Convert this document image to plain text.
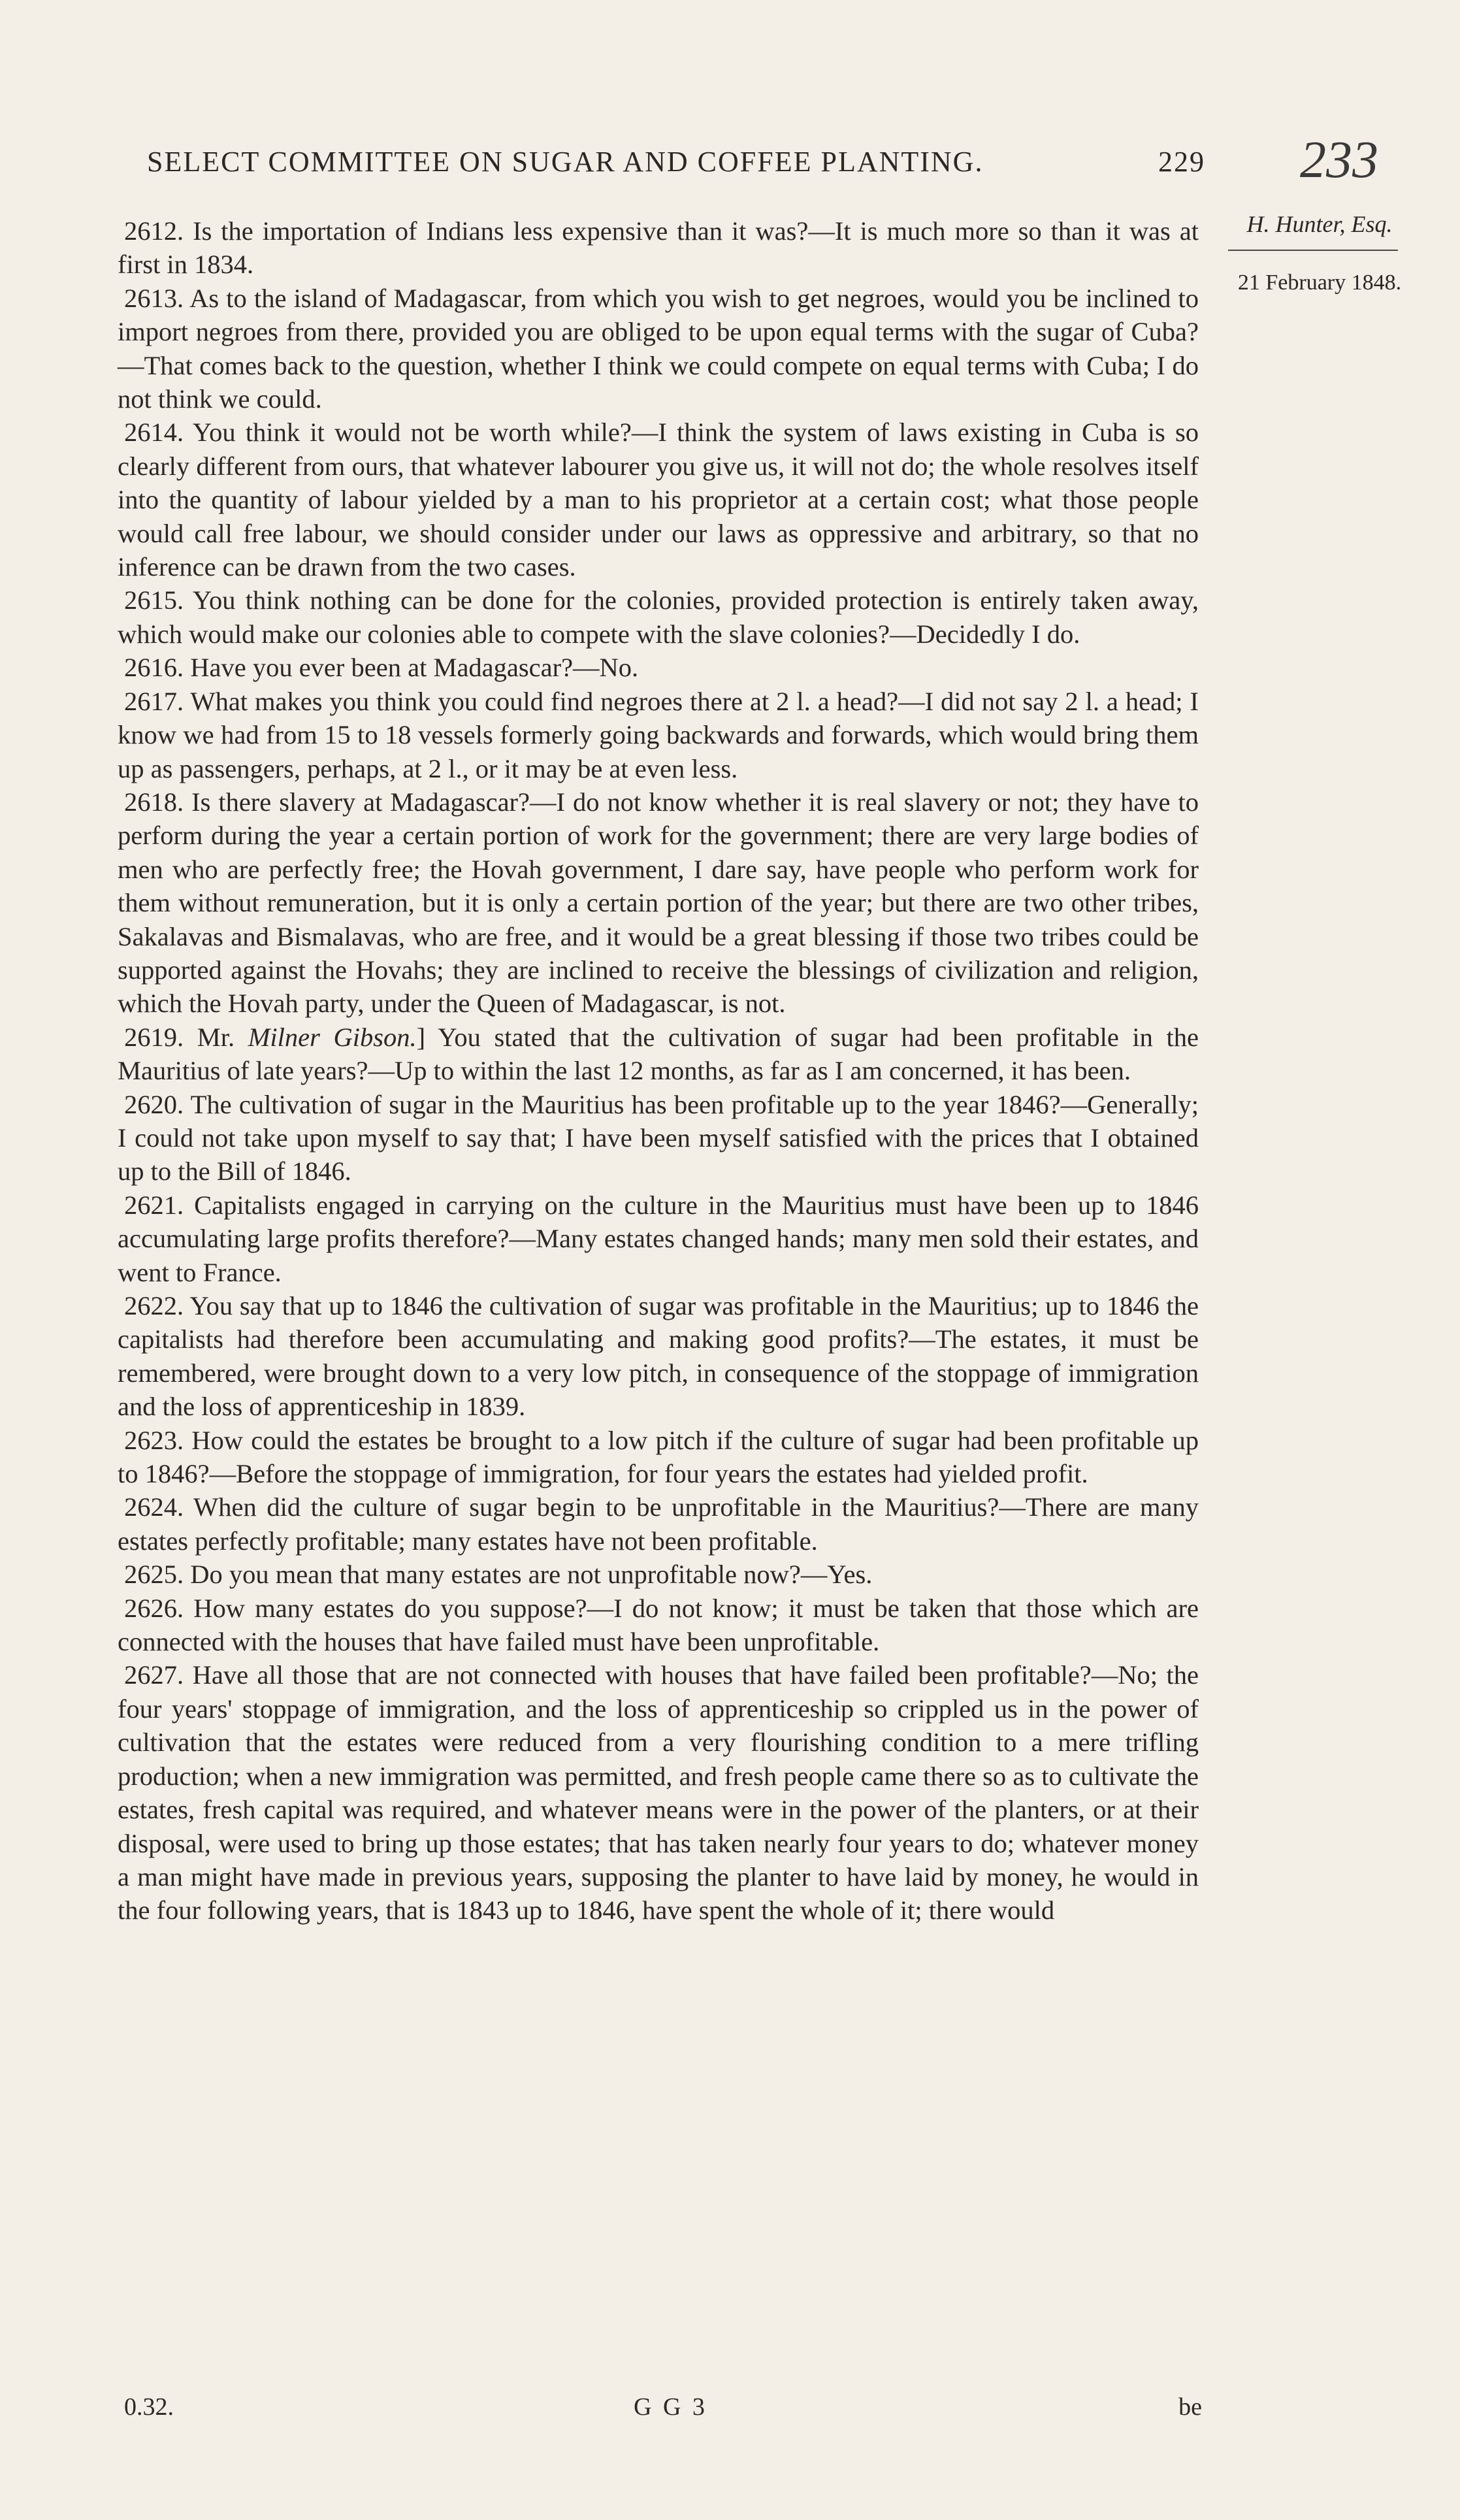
SELECT COMMITTEE ON SUGAR AND COFFEE PLANTING.	229 233
H. Hunter, Esq.
21 February 1848.

2612. Is the importation of Indians less expensive than it was?—It is much more so than it was at first in 1834.

2613. As to the island of Madagascar, from which you wish to get negroes, would you be inclined to import negroes from there, provided you are obliged to be upon equal terms with the sugar of Cuba?—That comes back to the question, whether I think we could compete on equal terms with Cuba; I do not think we could.

2614. You think it would not be worth while?—I think the system of laws existing in Cuba is so clearly different from ours, that whatever labourer you give us, it will not do; the whole resolves itself into the quantity of labour yielded by a man to his proprietor at a certain cost; what those people would call free labour, we should consider under our laws as oppressive and arbitrary, so that no inference can be drawn from the two cases.

2615. You think nothing can be done for the colonies, provided protection is entirely taken away, which would make our colonies able to compete with the slave colonies?—Decidedly I do.

2616. Have you ever been at Madagascar?—No.

2617. What makes you think you could find negroes there at 2 l. a head?—I did not say 2 l. a head; I know we had from 15 to 18 vessels formerly going backwards and forwards, which would bring them up as passengers, perhaps, at 2 l., or it may be at even less.

2618. Is there slavery at Madagascar?—I do not know whether it is real slavery or not; they have to perform during the year a certain portion of work for the government; there are very large bodies of men who are perfectly free; the Hovah government, I dare say, have people who perform work for them without remuneration, but it is only a certain portion of the year; but there are two other tribes, Sakalavas and Bismalavas, who are free, and it would be a great blessing if those two tribes could be supported against the Hovahs; they are inclined to receive the blessings of civilization and religion, which the Hovah party, under the Queen of Madagascar, is not.

2619. Mr. Milner Gibson.] You stated that the cultivation of sugar had been profitable in the Mauritius of late years?—Up to within the last 12 months, as far as I am concerned, it has been.

2620. The cultivation of sugar in the Mauritius has been profitable up to the year 1846?—Generally; I could not take upon myself to say that; I have been myself satisfied with the prices that I obtained up to the Bill of 1846.

2621. Capitalists engaged in carrying on the culture in the Mauritius must have been up to 1846 accumulating large profits therefore?—Many estates changed hands; many men sold their estates, and went to France.

2622. You say that up to 1846 the cultivation of sugar was profitable in the Mauritius; up to 1846 the capitalists had therefore been accumulating and making good profits?—The estates, it must be remembered, were brought down to a very low pitch, in consequence of the stoppage of immigration and the loss of apprenticeship in 1839.

2623. How could the estates be brought to a low pitch if the culture of sugar had been profitable up to 1846?—Before the stoppage of immigration, for four years the estates had yielded profit.

2624. When did the culture of sugar begin to be unprofitable in the Mauritius?—There are many estates perfectly profitable; many estates have not been profitable.

2625. Do you mean that many estates are not unprofitable now?—Yes.

2626. How many estates do you suppose?—I do not know; it must be taken that those which are connected with the houses that have failed must have been unprofitable.

2627. Have all those that are not connected with houses that have failed been profitable?—No; the four years' stoppage of immigration, and the loss of apprenticeship so crippled us in the power of cultivation that the estates were reduced from a very flourishing condition to a mere trifling production; when a new immigration was permitted, and fresh people came there so as to cultivate the estates, fresh capital was required, and whatever means were in the power of the planters, or at their disposal, were used to bring up those estates; that has taken nearly four years to do; whatever money a man might have made in previous years, supposing the planter to have laid by money, he would in the four following years, that is 1843 up to 1846, have spent the whole of it; there would

0.32.	G G 3	be
